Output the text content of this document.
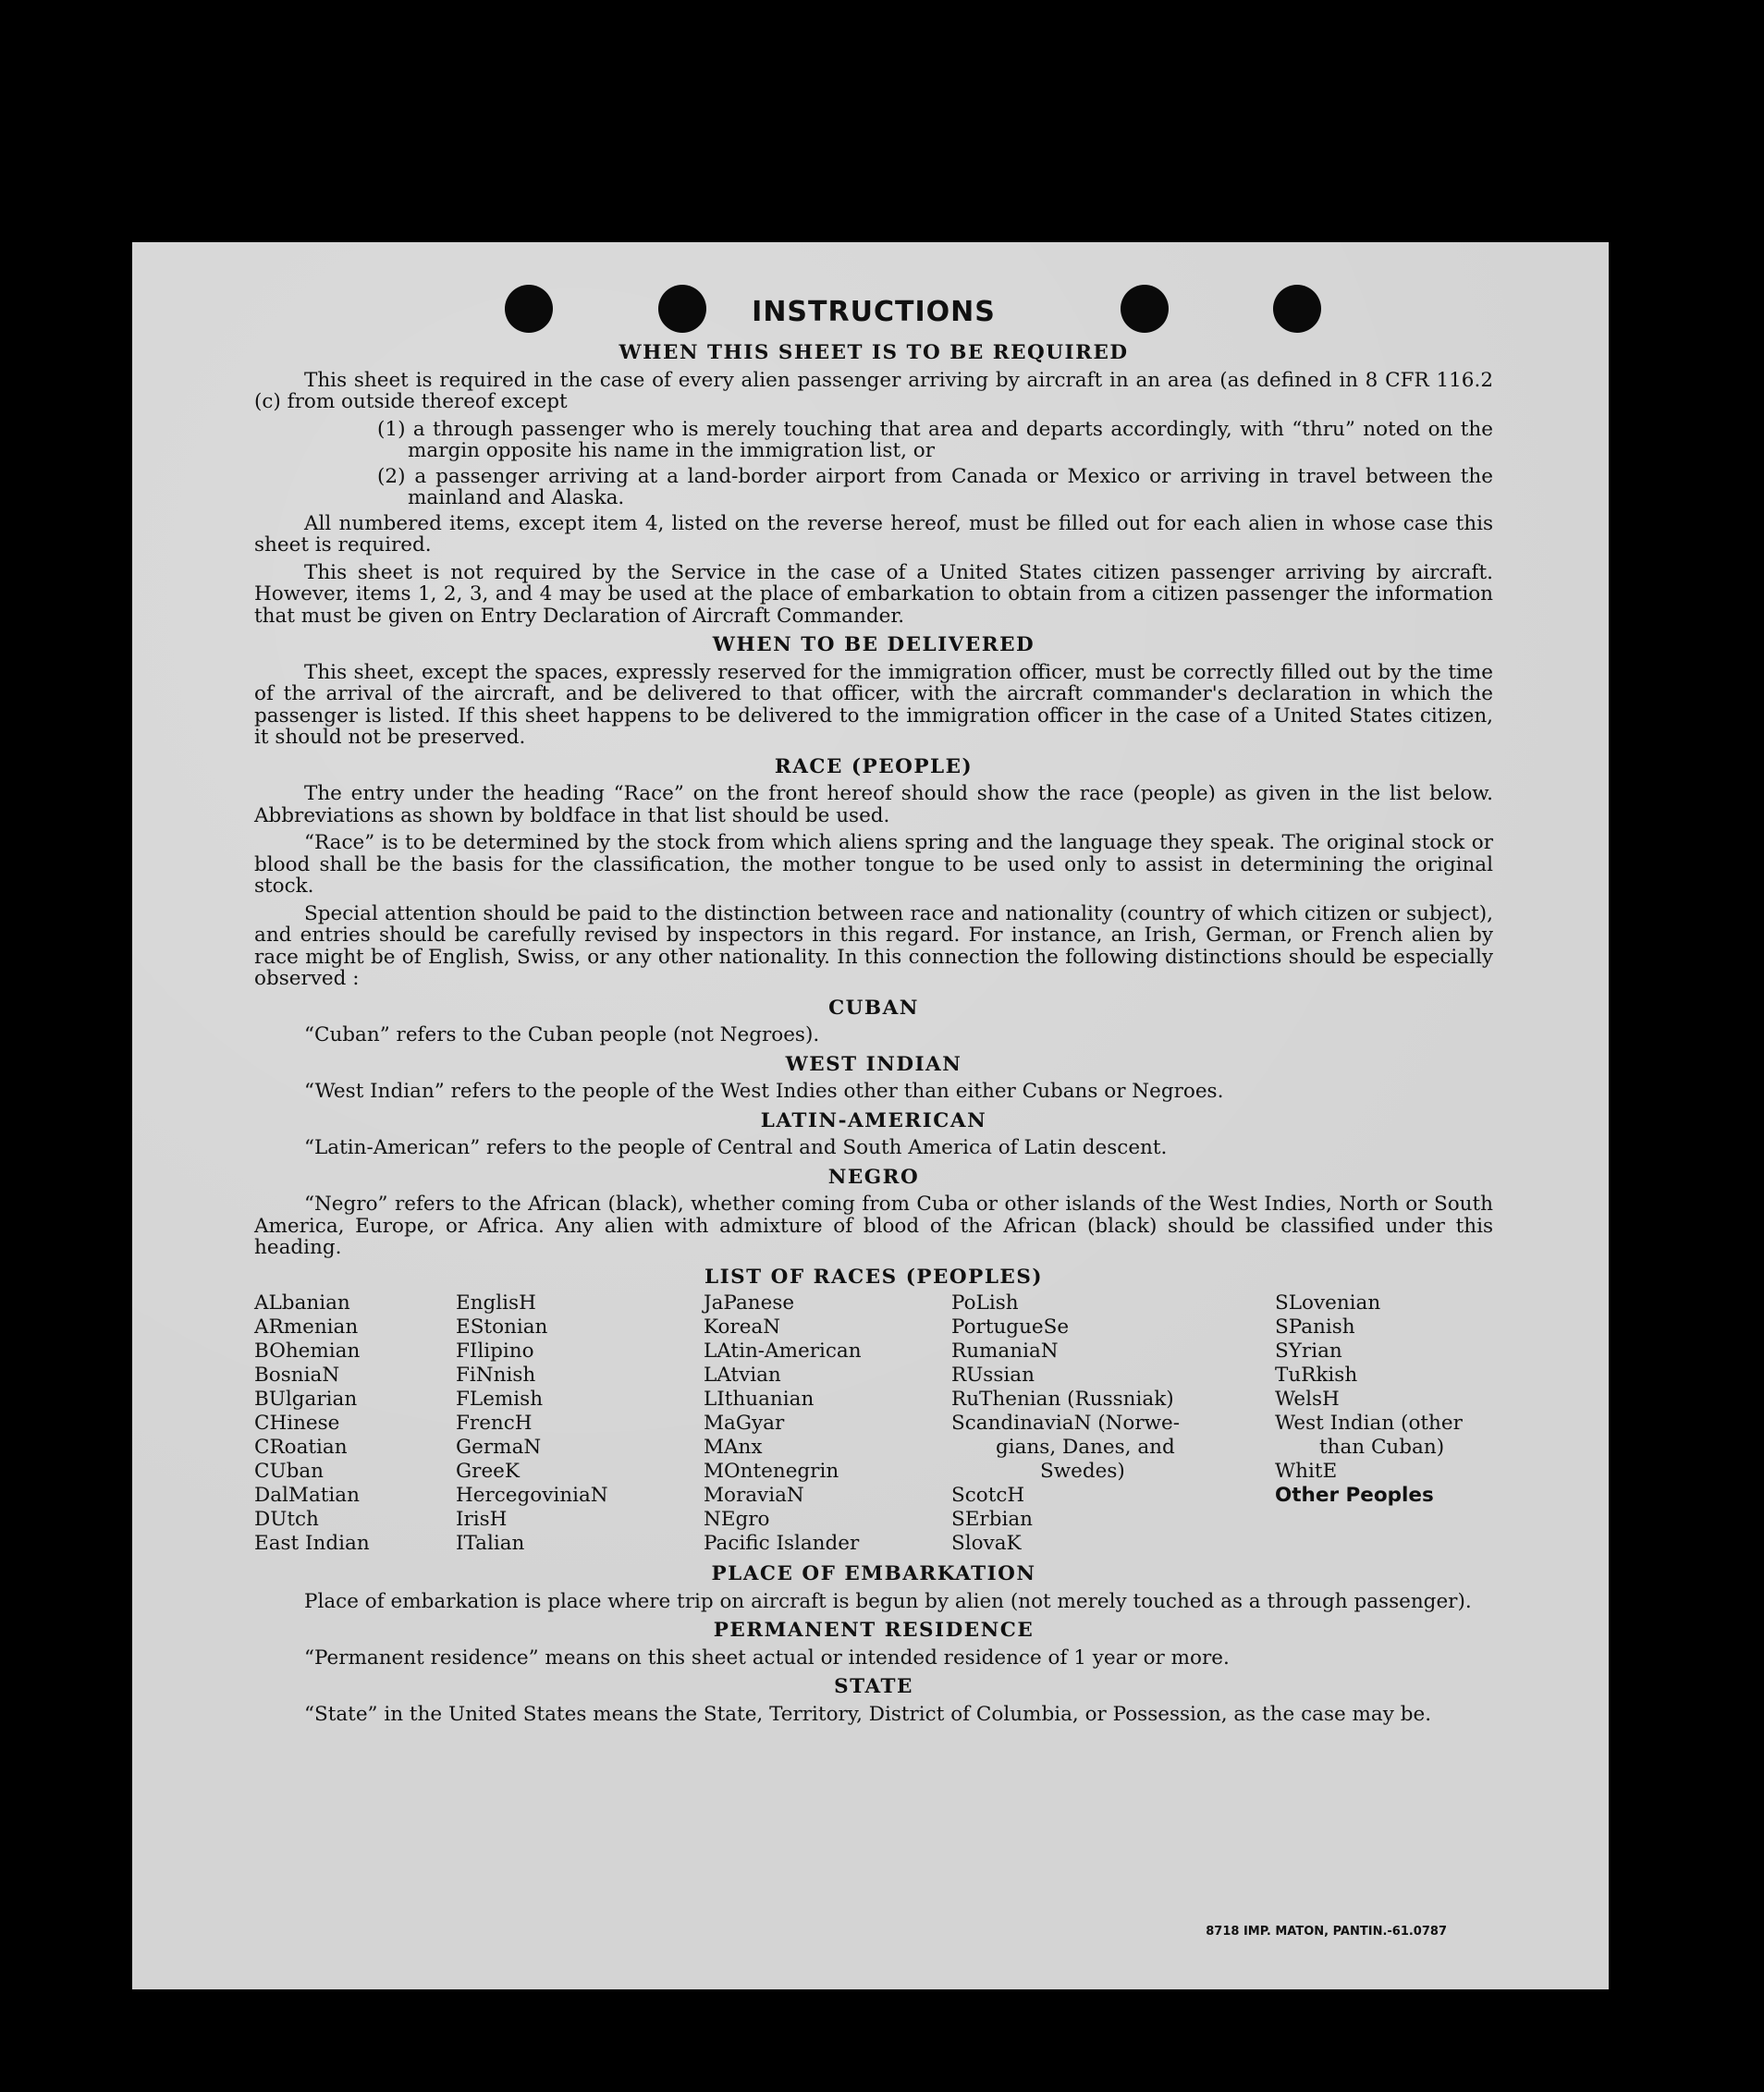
INSTRUCTIONS
WHEN THIS SHEET IS TO BE REQUIRED

This sheet is required in the case of every alien passenger arriving by aircraft in an area (as defined in 8 CFR 116.2 (c) from outside thereof except

(1) a through passenger who is merely touching that area and departs accordingly, with “thru” noted on the margin opposite his name in the immigration list, or
(2) a passenger arriving at a land-border airport from Canada or Mexico or arriving in travel between the mainland and Alaska.

All numbered items, except item 4, listed on the reverse hereof, must be filled out for each alien in whose case this sheet is required.

This sheet is not required by the Service in the case of a United States citizen passenger arriving by aircraft. However, items 1, 2, 3, and 4 may be used at the place of embarkation to obtain from a citizen passenger the information that must be given on Entry Declaration of Aircraft Commander.

WHEN TO BE DELIVERED

This sheet, except the spaces, expressly reserved for the immigration officer, must be correctly filled out by the time of the arrival of the aircraft, and be delivered to that officer, with the aircraft commander's declaration in which the passenger is listed. If this sheet happens to be delivered to the immigration officer in the case of a United States citizen, it should not be preserved.

RACE (PEOPLE)

The entry under the heading “Race” on the front hereof should show the race (people) as given in the list below. Abbreviations as shown by boldface in that list should be used.

“Race” is to be determined by the stock from which aliens spring and the language they speak. The original stock or blood shall be the basis for the classification, the mother tongue to be used only to assist in determining the original stock.

Special attention should be paid to the distinction between race and nationality (country of which citizen or subject), and entries should be carefully revised by inspectors in this regard. For instance, an Irish, German, or French alien by race might be of English, Swiss, or any other nationality. In this connection the following distinctions should be especially observed :

CUBAN

“Cuban” refers to the Cuban people (not Negroes).

WEST INDIAN

“West Indian” refers to the people of the West Indies other than either Cubans or Negroes.

LATIN-AMERICAN

“Latin-American” refers to the people of Central and South America of Latin descent.

NEGRO

“Negro” refers to the African (black), whether coming from Cuba or other islands of the West Indies, North or South America, Europe, or Africa. Any alien with admixture of blood of the African (black) should be classified under this heading.

LIST OF RACES (PEOPLES)
ALbanian
ARmenian
BOhemian
BosniaN
BUlgarian
CHinese
CRoatian
CUban
DalMatian
DUtch
East Indian
EnglisH
EStonian
FIlipino
FiNnish
FLemish
FrencH
GermaN
GreeK
HercegoviniaN
IrisH
ITalian
JaPanese
KoreaN
LAtin-American
LAtvian
LIthuanian
MaGyar
MAnx
MOntenegrin
MoraviaN
NEgro
Pacific Islander
PoLish
PortugueSe
RumaniaN
RUssian
RuThenian (Russniak)
ScandinaviaN (Norwe-
gians, Danes, and
Swedes)
ScotcH
SErbian
SlovaK
SLovenian
SPanish
SYrian
TuRkish
WelsH
West Indian (other
than Cuban)
WhitE
Other Peoples
PLACE OF EMBARKATION

Place of embarkation is place where trip on aircraft is begun by alien (not merely touched as a through passenger).

PERMANENT RESIDENCE

“Permanent residence” means on this sheet actual or intended residence of 1 year or more.

STATE

“State” in the United States means the State, Territory, District of Columbia, or Possession, as the case may be.

8718 IMP. MATON, PANTIN.-61.0787
